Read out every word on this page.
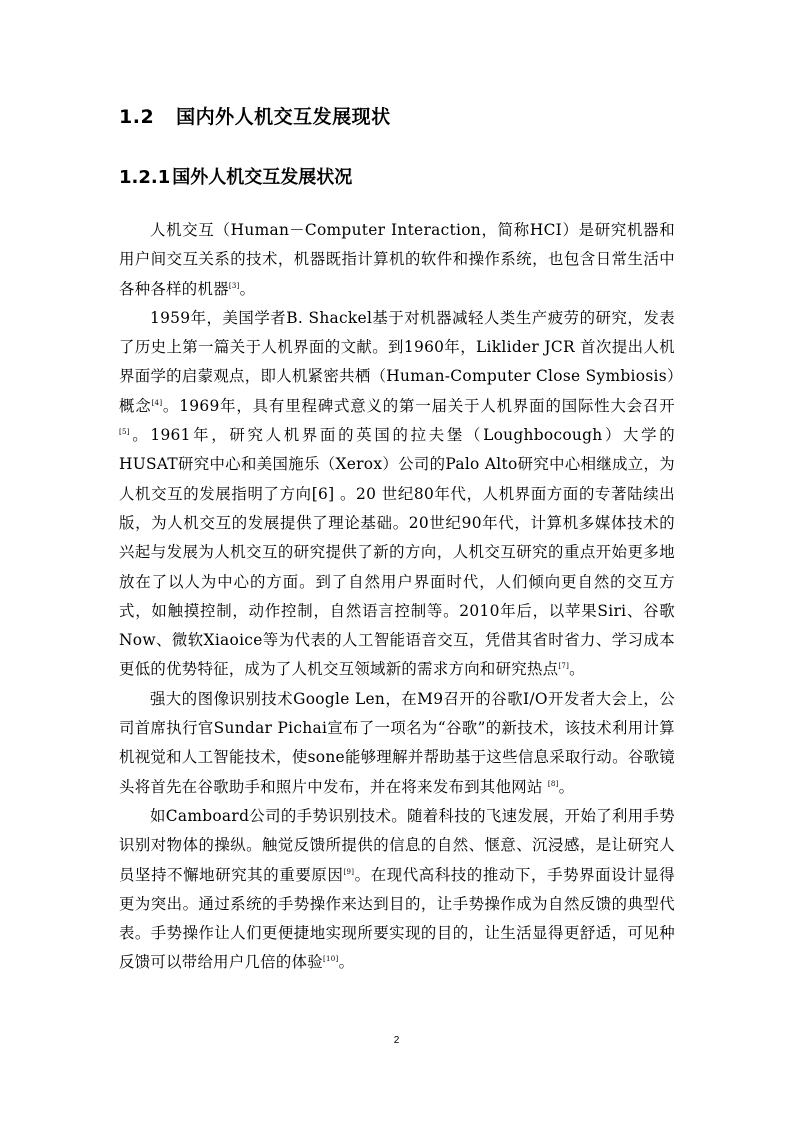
1.2 国内外人机交互发展现状
1.2.1 国外人机交互发展状况

人机交互（Human－Computer Interaction，简称HCI）是研究机器和用户间交互关系的技术，机器既指计算机的软件和操作系统，也包含日常生活中各种各样的机器[3]。

1959年，美国学者B. Shackel基于对机器减轻人类生产疲劳的研究，发表了历史上第一篇关于人机界面的文献。到1960年，Liklider JCR 首次提出人机界面学的启蒙观点，即人机紧密共栖（Human-Computer Close Symbiosis）概念[4]。1969年，具有里程碑式意义的第一届关于人机界面的国际性大会召开[5]。1961年，研究人机界面的英国的拉夫堡（Loughbocough）大学的HUSAT研究中心和美国施乐（Xerox）公司的Palo Alto研究中心相继成立，为人机交互的发展指明了方向[6] 。20 世纪80年代，人机界面方面的专著陆续出版，为人机交互的发展提供了理论基础。20世纪90年代，计算机多媒体技术的兴起与发展为人机交互的研究提供了新的方向，人机交互研究的重点开始更多地放在了以人为中心的方面。到了自然用户界面时代，人们倾向更自然的交互方式，如触摸控制，动作控制，自然语言控制等。2010年后，以苹果Siri、谷歌Now、微软Xiaoice等为代表的人工智能语音交互，凭借其省时省力、学习成本更低的优势特征，成为了人机交互领域新的需求方向和研究热点[7]。

强大的图像识别技术Google Len，在M9召开的谷歌I/O开发者大会上，公司首席执行官Sundar Pichai宣布了一项名为“谷歌”的新技术，该技术利用计算机视觉和人工智能技术，使sone能够理解并帮助基于这些信息采取行动。谷歌镜头将首先在谷歌助手和照片中发布，并在将来发布到其他网站 [8]。

如Camboard公司的手势识别技术。随着科技的飞速发展，开始了利用手势识别对物体的操纵。触觉反馈所提供的信息的自然、惬意、沉浸感，是让研究人员坚持不懈地研究其的重要原因[9]。在现代高科技的推动下，手势界面设计显得更为突出。通过系统的手势操作来达到目的，让手势操作成为自然反馈的典型代表。手势操作让人们更便捷地实现所要实现的目的，让生活显得更舒适，可见种反馈可以带给用户几倍的体验[10]。

2
